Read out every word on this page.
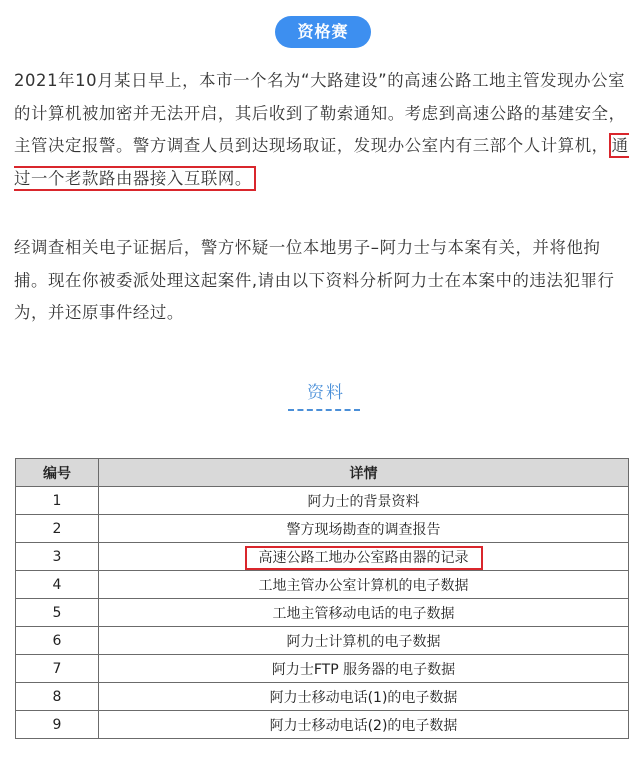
资格赛

2021年10月某日早上，本市一个名为“大路建设”的高速公路工地主管发现办公室的计算机被加密并无法开启，其后收到了勒索通知。考虑到高速公路的基建安全，主管决定报警。警方调查人员到达现场取证，发现办公室内有三部个人计算机， 通过一个老款路由器接入互联网。

经调查相关电子证据后，警方怀疑一位本地男子–阿力士与本案有关，并将他拘捕。现在你被委派处理这起案件,请由以下资料分析阿力士在本案中的违法犯罪行为，并还原事件经过。

资料
编号	详情
1	阿力士的背景资料
2	警方现场勘查的调查报告
3	高速公路工地办公室路由器的记录
4	工地主管办公室计算机的电子数据
5	工地主管移动电话的电子数据
6	阿力士计算机的电子数据
7	阿力士FTP 服务器的电子数据
8	阿力士移动电话(1)的电子数据
9	阿力士移动电话(2)的电子数据
